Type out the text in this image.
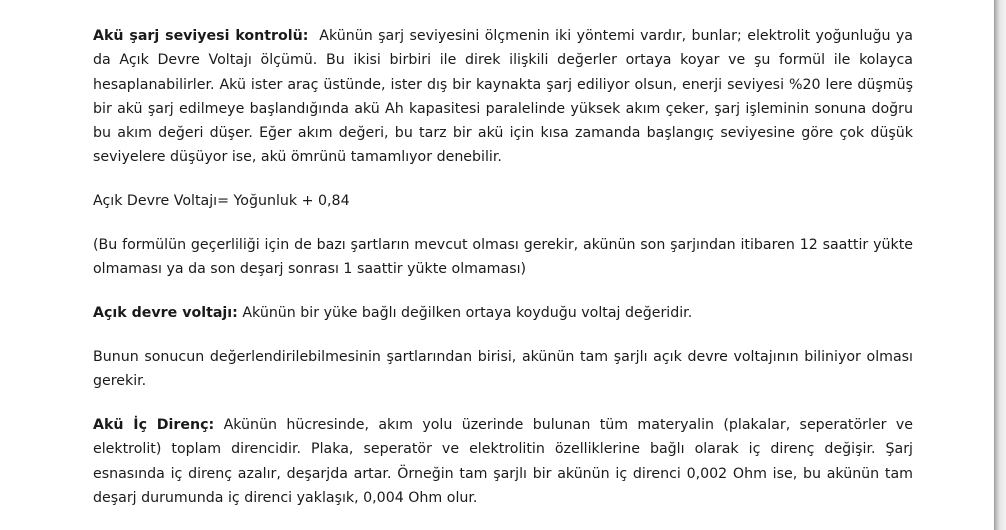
Akü şarj seviyesi kontrolü:  Akünün şarj seviyesini ölçmenin iki yöntemi vardır, bunlar; elektrolit yoğunluğu ya da Açık Devre Voltajı ölçümü. Bu ikisi birbiri ile direk ilişkili değerler ortaya koyar ve şu formül ile kolayca hesaplanabilirler. Akü ister araç üstünde, ister dış bir kaynakta şarj ediliyor olsun, enerji seviyesi %20 lere düşmüş bir akü şarj edilmeye başlandığında akü Ah kapasitesi paralelinde yüksek akım çeker, şarj işleminin sonuna doğru bu akım değeri düşer. Eğer akım değeri, bu tarz bir akü için kısa zamanda başlangıç seviyesine göre çok düşük seviyelere düşüyor ise, akü ömrünü tamamlıyor denebilir.

Açık Devre Voltajı= Yoğunluk + 0,84

(Bu formülün geçerliliği için de bazı şartların mevcut olması gerekir, akünün son şarjından itibaren 12 saattir yükte olmaması ya da son deşarj sonrası 1 saattir yükte olmaması)

Açık devre voltajı: Akünün bir yüke bağlı değilken ortaya koyduğu voltaj değeridir.

Bunun sonucun değerlendirilebilmesinin şartlarından birisi, akünün tam şarjlı açık devre voltajının biliniyor olması gerekir.

Akü İç Direnç: Akünün hücresinde, akım yolu üzerinde bulunan tüm materyalin (plakalar, seperatörler ve elektrolit) toplam direncidir. Plaka, seperatör ve elektrolitin özelliklerine bağlı olarak iç direnç değişir. Şarj esnasında iç direnç azalır, deşarjda artar. Örneğin tam şarjlı bir akünün iç direnci 0,002 Ohm ise, bu akünün tam deşarj durumunda iç direnci yaklaşık, 0,004 Ohm olur.
